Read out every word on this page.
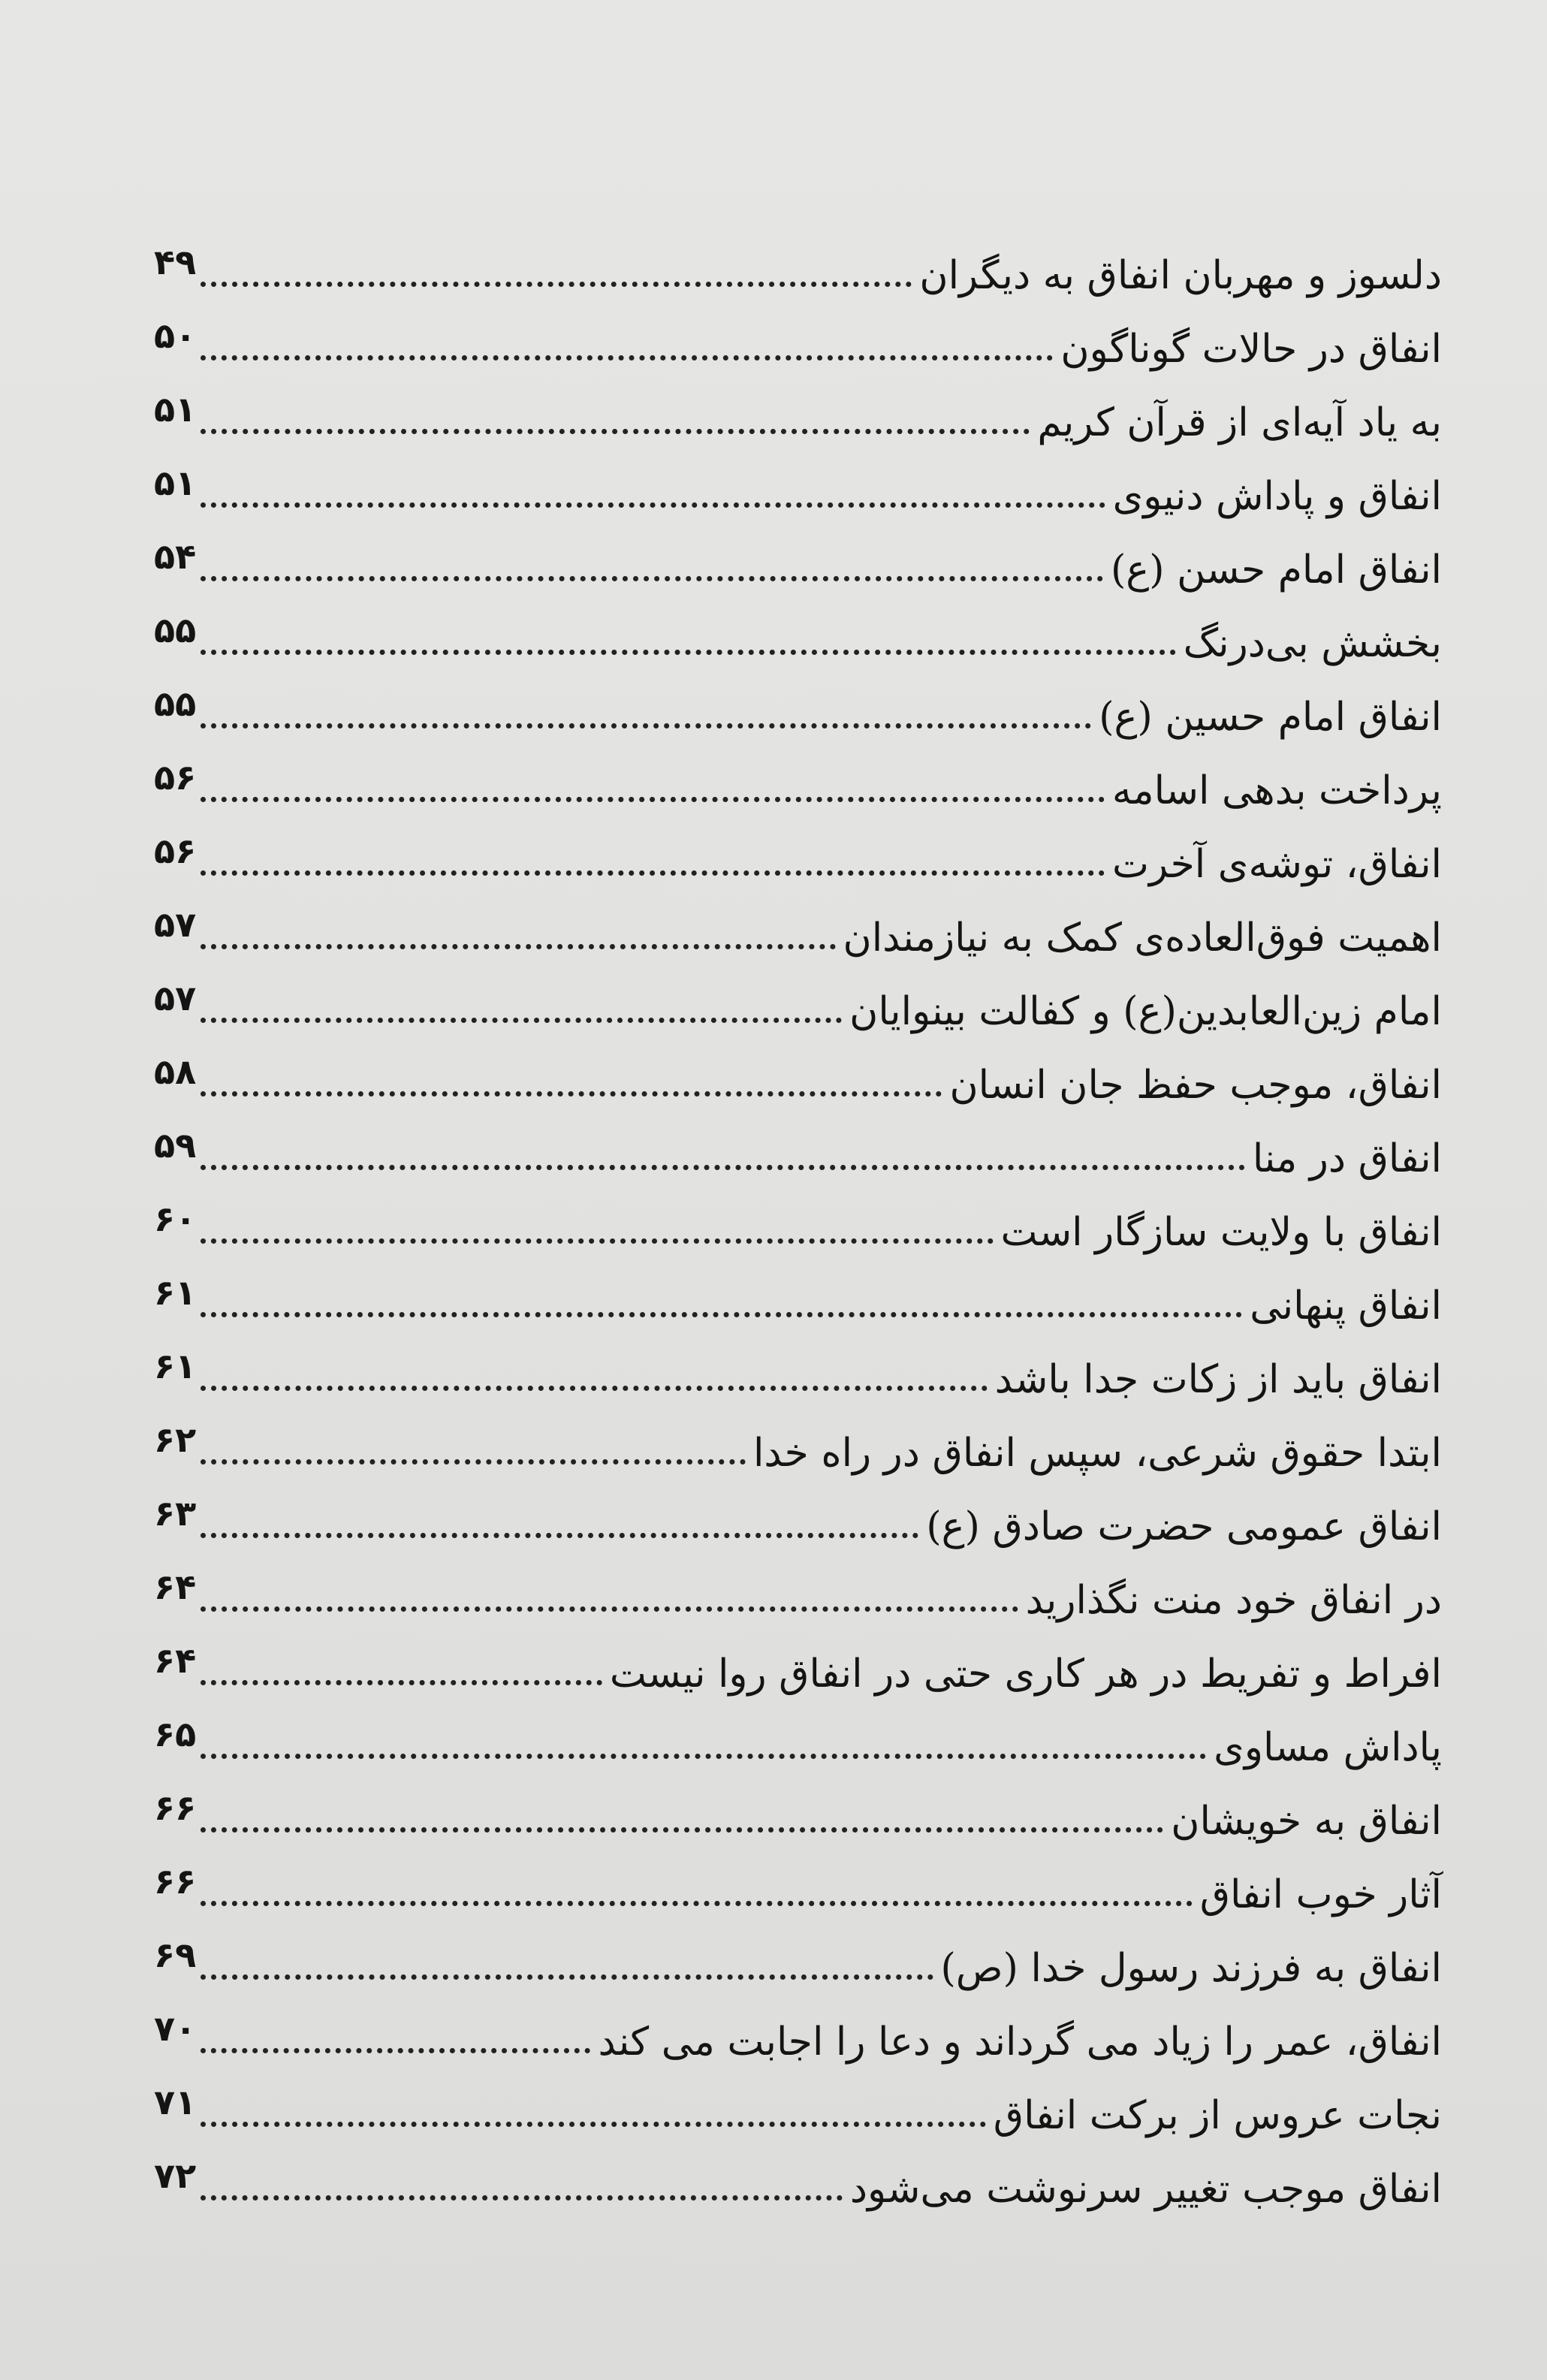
دلسوز و مهربان انفاق به دیگران
۴۹
انفاق در حالات گوناگون
۵۰
به یاد آیه‌ای از قرآن کریم
۵۱
انفاق و پاداش دنیوی
۵۱
انفاق امام حسن (ع)
۵۴
بخشش بی‌درنگ
۵۵
انفاق امام حسین (ع)
۵۵
پرداخت بدهی اسامه
۵۶
انفاق، توشه‌ی آخرت
۵۶
اهمیت فوق‌العاده‌ی کمک به نیازمندان
۵۷
امام زین‌العابدین(ع) و کفالت بینوایان
۵۷
انفاق، موجب حفظ جان انسان
۵۸
انفاق در منا
۵۹
انفاق با ولایت سازگار است
۶۰
انفاق پنهانی
۶۱
انفاق باید از زکات جدا باشد
۶۱
ابتدا حقوق شرعی، سپس انفاق در راه خدا
۶۲
انفاق عمومی حضرت صادق (ع)
۶۳
در انفاق خود منت نگذارید
۶۴
افراط و تفریط در هر کاری حتی در انفاق روا نیست
۶۴
پاداش مساوی
۶۵
انفاق به خویشان
۶۶
آثار خوب انفاق
۶۶
انفاق به فرزند رسول خدا (ص)
۶۹
انفاق، عمر را زیاد می گرداند و دعا را اجابت می کند
۷۰
نجات عروس از برکت انفاق
۷۱
انفاق موجب تغییر سرنوشت می‌شود
۷۲
